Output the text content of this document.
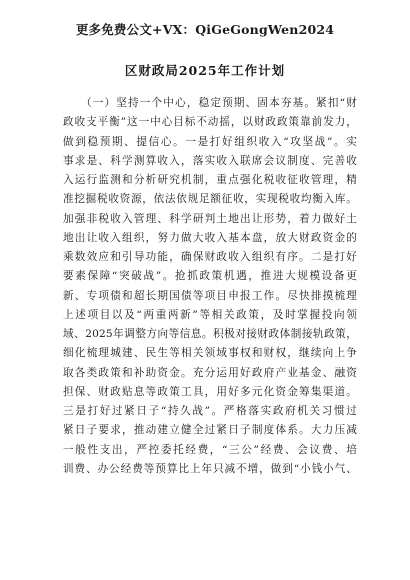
更多免费公文+VX：QiGeGongWen2024
区财政局2025年工作计划
（一）坚持一个中心，稳定预期、固本夯基。紧扣“财
政收支平衡”这一中心目标不动摇，以财政政策靠前发力，
做到稳预期、提信心。一是打好组织收入“攻坚战”。实
事求是、科学测算收入，落实收入联席会议制度、完善收
入运行监测和分析研究机制，重点强化税收征收管理，精
准挖掘税收资源，依法依规足额征收，实现税收均衡入库。
加强非税收入管理、科学研判土地出让形势，着力做好土
地出让收入组织，努力做大收入基本盘，放大财政资金的
乘数效应和引导功能，确保财政收入组织有序。二是打好
要素保障“突破战”。抢抓政策机遇，推进大规模设备更
新、专项债和超长期国债等项目申报工作。尽快排摸梳理
上述项目以及“两重两新”等相关政策，及时掌握投向领
域、2025年调整方向等信息。积极对接财政体制接轨政策，
细化梳理城建、民生等相关领域事权和财权，继续向上争
取各类政策和补助资金。充分运用好政府产业基金、融资
担保、财政贴息等政策工具，用好多元化资金筹集渠道。
三是打好过紧日子“持久战”。严格落实政府机关习惯过
紧日子要求，推动建立健全过紧日子制度体系。大力压减
一般性支出，严控委托经费，“三公”经费、会议费、培
训费、办公经费等预算比上年只减不增，做到“小钱小气、
